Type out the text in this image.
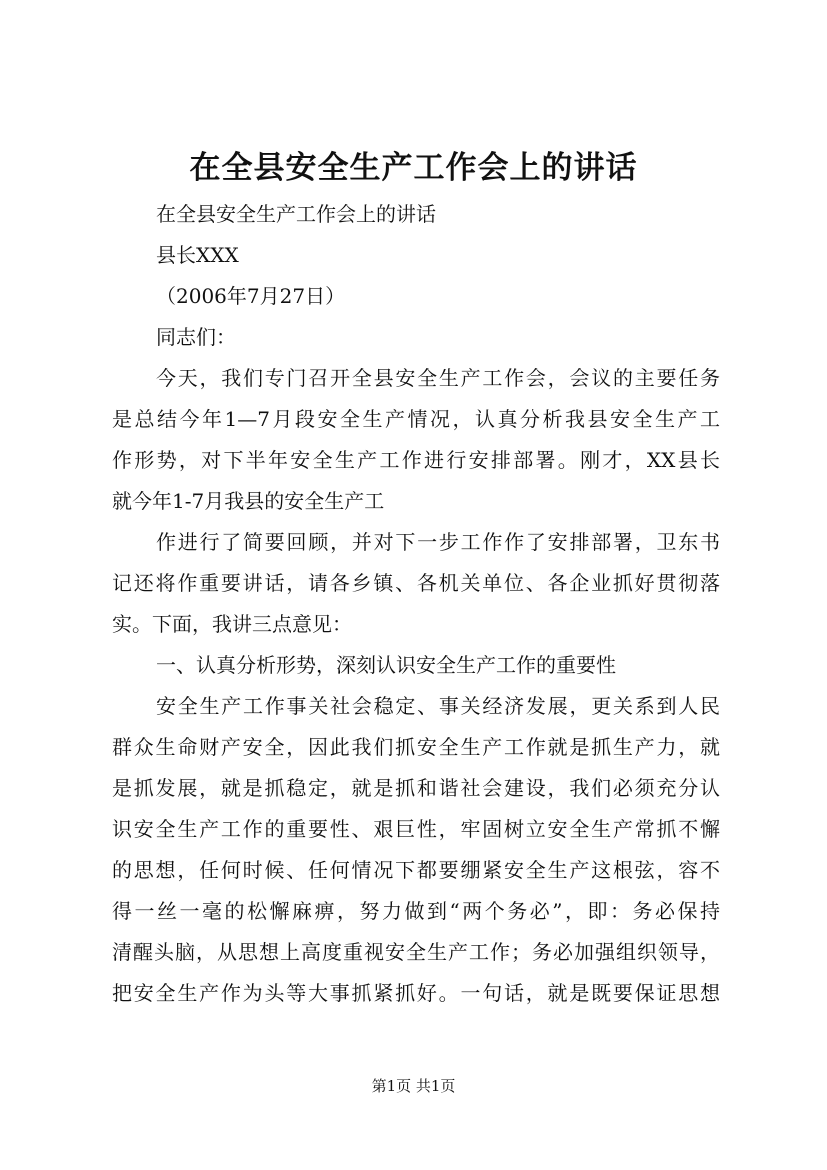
在全县安全生产工作会上的讲话
在全县安全生产工作会上的讲话
县长XXX
（2006年7月27日）
同志们：
今天，我们专门召开全县安全生产工作会，会议的主要任务
是总结今年1—7月段安全生产情况，认真分析我县安全生产工
作形势，对下半年安全生产工作进行安排部署。刚才，XX县长
就今年1-7月我县的安全生产工
作进行了简要回顾，并对下一步工作作了安排部署，卫东书
记还将作重要讲话，请各乡镇、各机关单位、各企业抓好贯彻落
实。下面，我讲三点意见：
一、认真分析形势，深刻认识安全生产工作的重要性
安全生产工作事关社会稳定、事关经济发展，更关系到人民
群众生命财产安全，因此我们抓安全生产工作就是抓生产力，就
是抓发展，就是抓稳定，就是抓和谐社会建设，我们必须充分认
识安全生产工作的重要性、艰巨性，牢固树立安全生产常抓不懈
的思想，任何时候、任何情况下都要绷紧安全生产这根弦，容不
得一丝一毫的松懈麻痹，努力做到“两个务必”，即：务必保持
清醒头脑，从思想上高度重视安全生产工作；务必加强组织领导，
把安全生产作为头等大事抓紧抓好。一句话，就是既要保证思想
第1页 共1页
